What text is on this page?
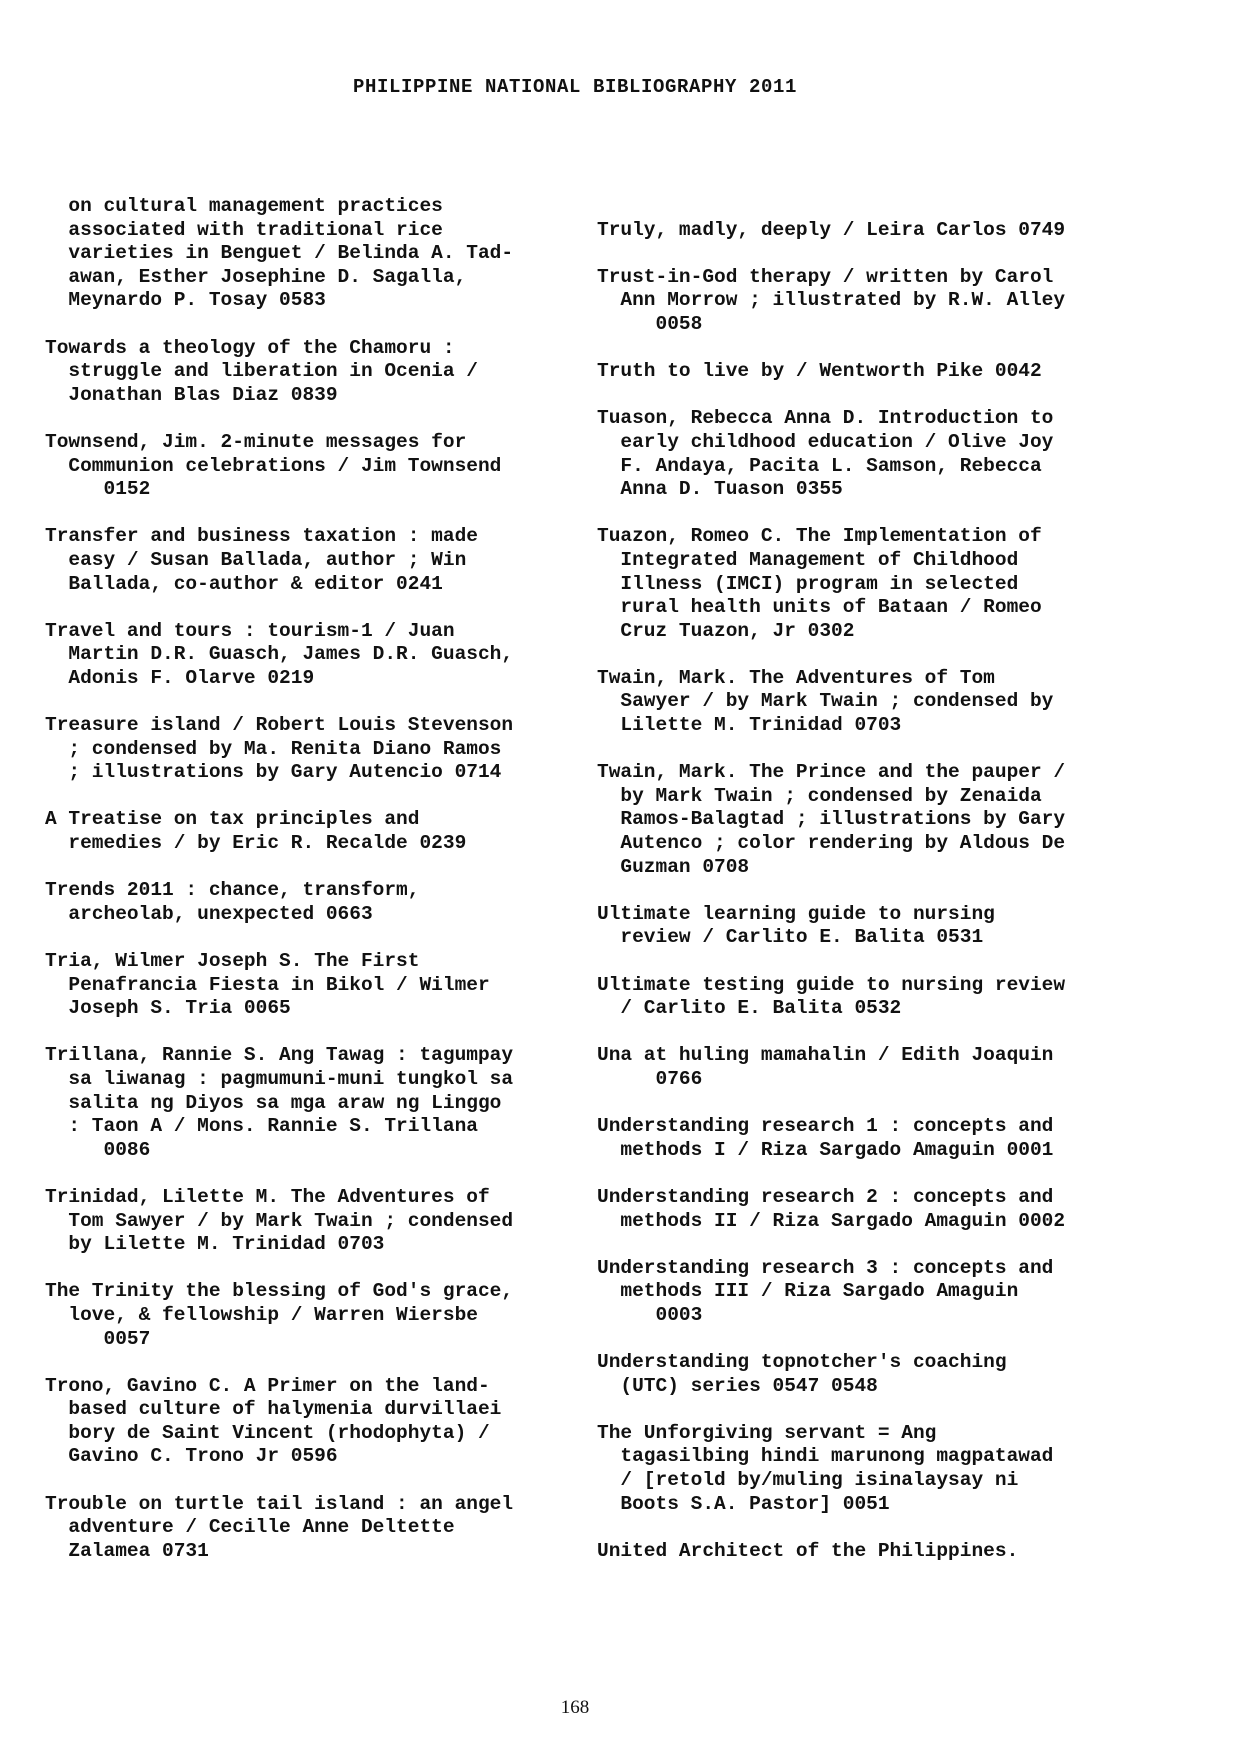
PHILIPPINE NATIONAL BIBLIOGRAPHY 2011
on cultural management practices
associated with traditional rice
varieties in Benguet / Belinda A. Tad-
awan, Esther Josephine D. Sagalla,
Meynardo P. Tosay 0583
Towards a theology of the Chamoru :
struggle and liberation in Ocenia /
Jonathan Blas Diaz 0839
Townsend, Jim. 2-minute messages for
Communion celebrations / Jim Townsend
0152
Transfer and business taxation : made
easy / Susan Ballada, author ; Win
Ballada, co-author & editor 0241
Travel and tours : tourism-1 / Juan
Martin D.R. Guasch, James D.R. Guasch,
Adonis F. Olarve 0219
Treasure island / Robert Louis Stevenson
; condensed by Ma. Renita Diano Ramos
; illustrations by Gary Autencio 0714
A Treatise on tax principles and
remedies / by Eric R. Recalde 0239
Trends 2011 : chance, transform,
archeolab, unexpected 0663
Tria, Wilmer Joseph S. The First
Penafrancia Fiesta in Bikol / Wilmer
Joseph S. Tria 0065
Trillana, Rannie S. Ang Tawag : tagumpay
sa liwanag : pagmumuni-muni tungkol sa
salita ng Diyos sa mga araw ng Linggo
: Taon A / Mons. Rannie S. Trillana
0086
Trinidad, Lilette M. The Adventures of
Tom Sawyer / by Mark Twain ; condensed
by Lilette M. Trinidad 0703
The Trinity the blessing of God's grace,
love, & fellowship / Warren Wiersbe
0057
Trono, Gavino C. A Primer on the land-
based culture of halymenia durvillaei
bory de Saint Vincent (rhodophyta) /
Gavino C. Trono Jr 0596
Trouble on turtle tail island : an angel
adventure / Cecille Anne Deltette
Zalamea 0731

Truly, madly, deeply / Leira Carlos 0749
Trust-in-God therapy / written by Carol
Ann Morrow ; illustrated by R.W. Alley
0058
Truth to live by / Wentworth Pike 0042
Tuason, Rebecca Anna D. Introduction to
early childhood education / Olive Joy
F. Andaya, Pacita L. Samson, Rebecca
Anna D. Tuason 0355
Tuazon, Romeo C. The Implementation of
Integrated Management of Childhood
Illness (IMCI) program in selected
rural health units of Bataan / Romeo
Cruz Tuazon, Jr 0302
Twain, Mark. The Adventures of Tom
Sawyer / by Mark Twain ; condensed by
Lilette M. Trinidad 0703
Twain, Mark. The Prince and the pauper /
by Mark Twain ; condensed by Zenaida
Ramos-Balagtad ; illustrations by Gary
Autenco ; color rendering by Aldous De
Guzman 0708
Ultimate learning guide to nursing
review / Carlito E. Balita 0531
Ultimate testing guide to nursing review
/ Carlito E. Balita 0532
Una at huling mamahalin / Edith Joaquin
0766
Understanding research 1 : concepts and
methods I / Riza Sargado Amaguin 0001
Understanding research 2 : concepts and
methods II / Riza Sargado Amaguin 0002
Understanding research 3 : concepts and
methods III / Riza Sargado Amaguin
0003
Understanding topnotcher's coaching
(UTC) series 0547 0548
The Unforgiving servant = Ang
tagasilbing hindi marunong magpatawad
/ [retold by/muling isinalaysay ni
Boots S.A. Pastor] 0051
United Architect of the Philippines.
168
